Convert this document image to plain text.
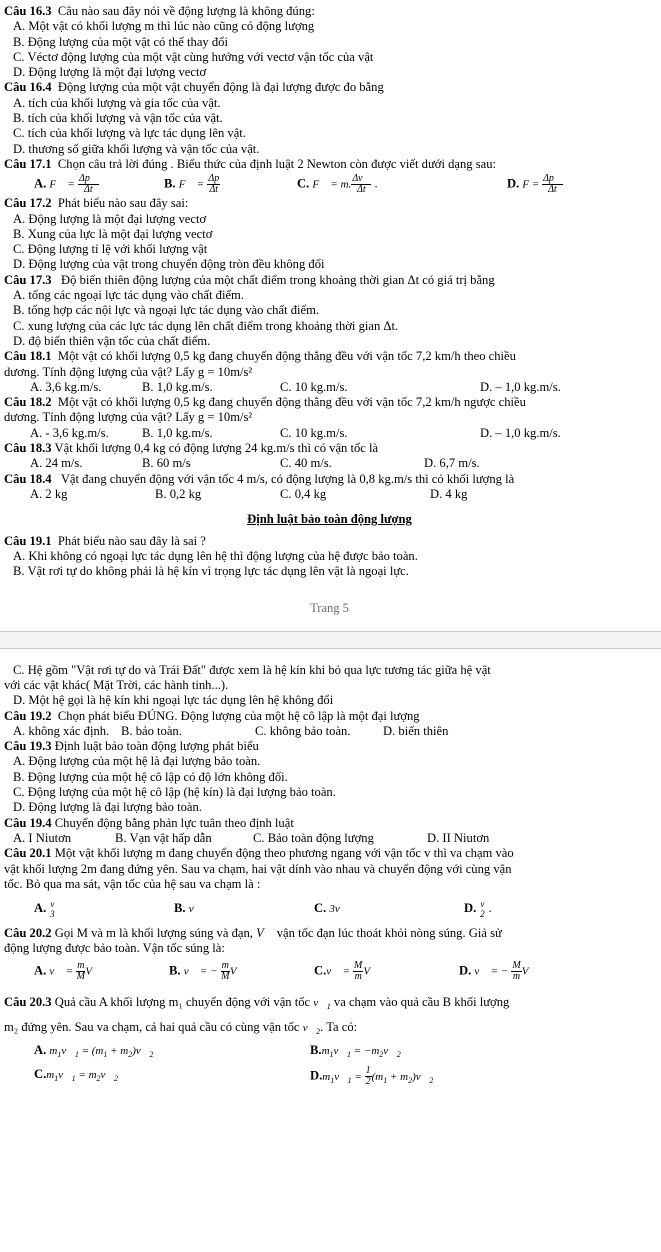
Câu 16.3 Câu nào sau đây nói về động lượng là không đúng:

A. Một vật có khối lượng m thì lúc nào cũng có động lượng

B. Động lượng của một vật có thể thay đổi

C. Véctơ động lượng của một vật cùng hướng với vectơ vận tốc của vật

D. Động lượng là một đại lượng vectơ

Câu 16.4 Động lượng của một vật chuyển động là đại lượng được đo bằng

A. tích của khối lượng và gia tốc của vật.

B. tích của khối lượng và vận tốc của vật.

C. tích của khối lượng và lực tác dụng lên vật.

D. thương số giữa khối lượng và vận tốc của vật.

Câu 17.1 Chọn câu trả lời đúng . Biểu thức của định luật 2 Newton còn được viết dưới dạng sau:

A. F⃗ = $\frac{\Delta p⃗}{\Delta t}$	B. F⃗ = $\frac{\Delta p}{\Delta t}$	C. F⃗ = m. $\frac{\Delta v⃗}{\Delta t}$ .	D. $F = \frac{\Delta p⃗}{\Delta t}$

Câu 17.2 Phát biểu nào sau đây sai:

A. Động lượng là một đại lượng vectơ

B. Xung của lực là một đại lượng vectơ

C. Động lượng tỉ lệ với khối lượng vật

D. Động lượng của vật trong chuyển động tròn đều không đổi

Câu 17.3 Độ biến thiên động lượng của một chất điểm trong khoảng thời gian Δt có giá trị bằng

A. tổng các ngoại lực tác dụng vào chất điểm.

B. tổng hợp các nội lực và ngoại lực tác dụng vào chất điểm.

C. xung lượng của các lực tác dụng lên chất điểm trong khoảng thời gian Δt.

D. độ biến thiên vận tốc của chất điểm.

Câu 18.1 Một vật có khối lượng 0,5 kg đang chuyển động thẳng đều với vận tốc 7,2 km/h theo chiều

dương. Tính động lượng của vật? Lấy g = 10m/s²

A. 3,6 kg.m/s.	B. 1,0 kg.m/s.	C. 10 kg.m/s.	D. – 1,0 kg.m/s.

Câu 18.2 Một vật có khối lượng 0,5 kg đang chuyển động thẳng đều với vận tốc 7,2 km/h ngược chiều

dương. Tính động lượng của vật? Lấy g = 10m/s²

A. - 3,6 kg.m/s.	B. 1,0 kg.m/s.	C. 10 kg.m/s.	D. – 1,0 kg.m/s.

Câu 18.3 Vật khối lượng 0,4 kg có động lượng 24 kg.m/s thì có vận tốc là

A. 24 m/s.	B. 60 m/s	C. 40 m/s.	D. 6,7 m/s.

Câu 18.4 Vật đang chuyển động với vận tốc 4 m/s, có động lượng là 0,8 kg.m/s thì có khối lượng là

A. 2 kg	B. 0,2 kg	C. 0,4 kg	D. 4 kg

Định luật bảo toàn động lượng

Câu 19.1 Phát biểu nào sau đây là sai ?

A. Khi không có ngoại lực tác dụng lên hệ thì động lượng của hệ được bảo toàn.

B. Vật rơi tự do không phải là hệ kín vì trọng lực tác dụng lên vật là ngoại lực.

Trang 5

C. Hệ gồm "Vật rơi tự do và Trái Đất" được xem là hệ kín khi bỏ qua lực tương tác giữa hệ vật

với các vật khác( Mặt Trời, các hành tinh...).

D. Một hệ gọi là hệ kín khi ngoại lực tác dụng lên hệ không đổi

Câu 19.2 Chọn phát biểu ĐÚNG. Động lượng của một hệ cô lập là một đại lượng

A. không xác định. B. bảo toàn.	C. không bảo toàn.	D. biến thiên

Câu 19.3 Định luật bảo toàn động lượng phát biểu

A. Động lượng của một hệ là đại lượng bảo toàn.

B. Động lượng của một hệ cô lập có độ lớn không đổi.

C. Động lượng của một hệ cô lập (hệ kín) là đại lượng bảo toàn.

D. Động lượng là đại lượng bảo toàn.

Câu 19.4 Chuyển động bằng phản lực tuân theo định luật

A. I Niutơn	B. Vạn vật hấp dẫn	C. Bảo toàn động lượng	D. II Niutơn

Câu 20.1 Một vật khối lượng m đang chuyển động theo phương ngang với vận tốc v thì va chạm vào

vật khối lượng 2m đang đứng yên. Sau va chạm, hai vật dính vào nhau và chuyển động với cùng vận

tốc. Bỏ qua ma sát, vận tốc của hệ sau va chạm là :

A. v
3	B. v	C. 3v	D. v
2 .

Câu 20.2 Gọi M và m là khối lượng súng và đạn, V⃗ vận tốc đạn lúc thoát khỏi nòng súng. Giả sử

động lượng được bảo toàn. Vận tốc súng là:

A. v⃗ = $\frac{m}{M}$ V⃗	B. v⃗ = − $\frac{m}{M}$ V⃗	C.v⃗ = $\frac{M}{m}$ V⃗	D. v⃗ = − $\frac{M}{m}$ V⃗

Câu 20.3 Quả cầu A khối lượng m₁ chuyển động với vận tốc $v⃗_1$ va chạm vào quả cầu B khối lượng

m₂ đứng yên. Sau va chạm, cả hai quả cầu có cùng vận tốc $v⃗_2$. Ta có:

A. $m_1v⃗_1 = (m_1$ + $m_2)v⃗_2$	$B.m_1v⃗_1$ = $-m_2v⃗_2$
$C.m_1v⃗_1$ = $m_2v⃗_2$	$D.m_1v⃗_1 = \frac{1}{2} (m_1$ + $m_2)v⃗_2$
